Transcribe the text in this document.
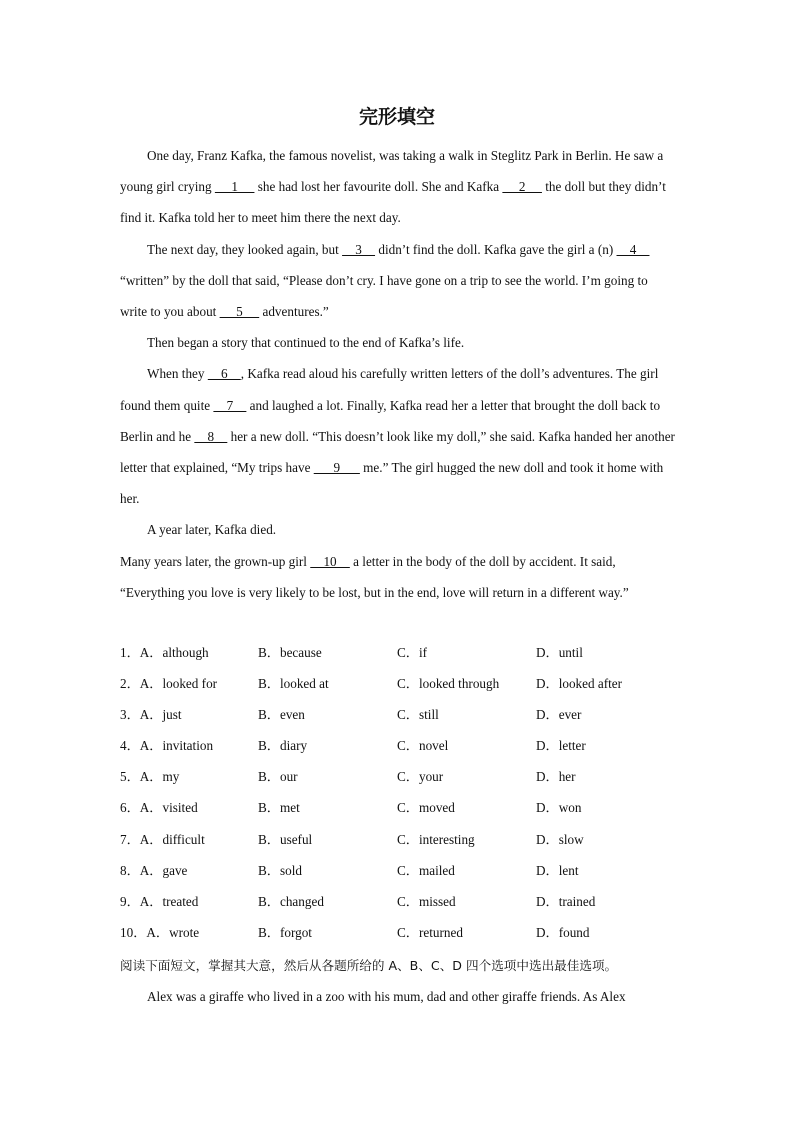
完形填空

One day, Franz Kafka, the famous novelist, was taking a walk in Steglitz Park in Berlin. He saw a young girl crying      1      she had lost her favourite doll. She and Kafka      2      the doll but they didn’t find it. Kafka told her to meet him there the next day.

The next day, they looked again, but     3     didn’t find the doll. Kafka gave the girl a (n)     4     “written” by the doll that said, “Please don’t cry. I have gone on a trip to see the world. I’m going to write to you about      5      adventures.”

Then began a story that continued to the end of Kafka’s life.

When they     6    , Kafka read aloud his carefully written letters of the doll’s adventures. The girl found them quite     7     and laughed a lot. Finally, Kafka read her a letter that brought the doll back to Berlin and he     8     her a new doll. “This doesn’t look like my doll,” she said. Kafka handed her another letter that explained, “My trips have       9       me.” The girl hugged the new doll and took it home with her.

A year later, Kafka died.

Many years later, the grown-up girl     10     a letter in the body of the doll by accident. It said, “Everything you love is very likely to be lost, but in the end, love will return in a different way.”

1．A．although	B．because	C．if	D．until
2．A．looked for	B．looked at	C．looked through	D．looked after
3．A．just	B．even	C．still	D．ever
4．A．invitation	B．diary	C．novel	D．letter
5．A．my	B．our	C．your	D．her
6．A．visited	B．met	C．moved	D．won
7．A．difficult	B．useful	C．interesting	D．slow
8．A．gave	B．sold	C．mailed	D．lent
9．A．treated	B．changed	C．missed	D．trained
10．A．wrote	B．forgot	C．returned	D．found
阅读下面短文，掌握其大意，然后从各题所给的 A、B、C、D 四个选项中选出最佳选项。
Alex was a giraffe who lived in a zoo with his mum, dad and other giraffe friends. As Alex
